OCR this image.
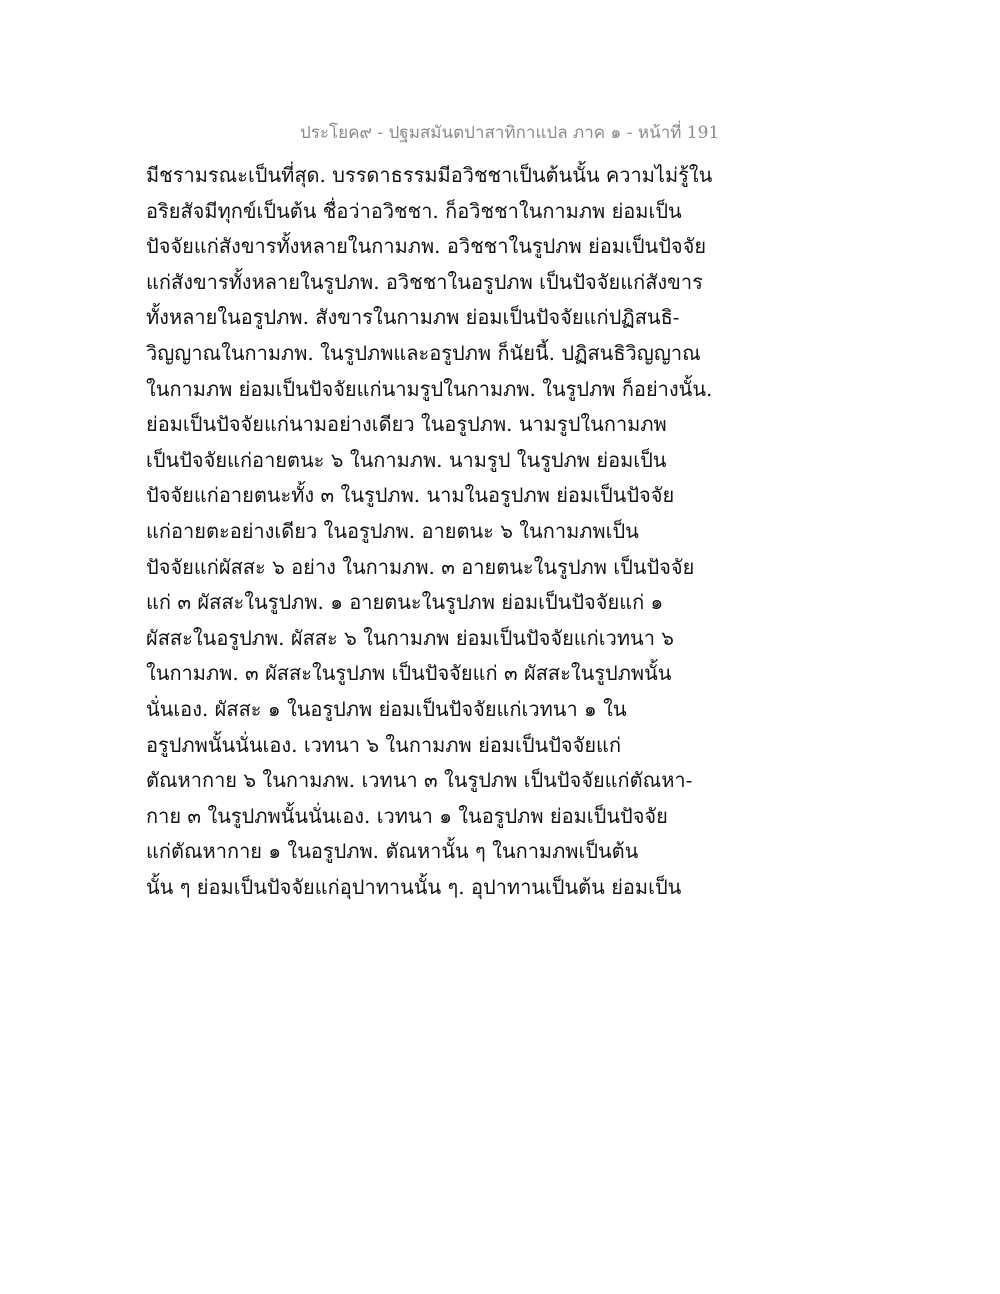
ประโยค๙ - ปฐมสมันตปาสาทิกาแปล ภาค ๑ - หน้าที่ 191
มีชรามรณะเป็นที่สุด. บรรดาธรรมมีอวิชชาเป็นต้นนั้น ความไม่รู้ใน
อริยสัจมีทุกข์เป็นต้น ชื่อว่าอวิชชา. ก็อวิชชาในกามภพ ย่อมเป็น
ปัจจัยแก่สังขารทั้งหลายในกามภพ. อวิชชาในรูปภพ ย่อมเป็นปัจจัย
แก่สังขารทั้งหลายในรูปภพ. อวิชชาในอรูปภพ เป็นปัจจัยแก่สังขาร
ทั้งหลายในอรูปภพ. สังขารในกามภพ ย่อมเป็นปัจจัยแก่ปฏิสนธิ-
วิญญาณในกามภพ. ในรูปภพและอรูปภพ ก็นัยนี้. ปฏิสนธิวิญญาณ
ในกามภพ ย่อมเป็นปัจจัยแก่นามรูปในกามภพ. ในรูปภพ ก็อย่างนั้น.
ย่อมเป็นปัจจัยแก่นามอย่างเดียว ในอรูปภพ. นามรูปในกามภพ
เป็นปัจจัยแก่อายตนะ ๖ ในกามภพ. นามรูป ในรูปภพ ย่อมเป็น
ปัจจัยแก่อายตนะทั้ง ๓ ในรูปภพ. นามในอรูปภพ ย่อมเป็นปัจจัย
แก่อายตะอย่างเดียว ในอรูปภพ. อายตนะ ๖ ในกามภพเป็น
ปัจจัยแก่ผัสสะ ๖ อย่าง ในกามภพ. ๓ อายตนะในรูปภพ เป็นปัจจัย
แก่ ๓ ผัสสะในรูปภพ. ๑ อายตนะในรูปภพ ย่อมเป็นปัจจัยแก่ ๑
ผัสสะในอรูปภพ. ผัสสะ ๖ ในกามภพ ย่อมเป็นปัจจัยแก่เวทนา ๖
ในกามภพ. ๓ ผัสสะในรูปภพ เป็นปัจจัยแก่ ๓ ผัสสะในรูปภพนั้น
นั่นเอง. ผัสสะ ๑ ในอรูปภพ ย่อมเป็นปัจจัยแก่เวทนา ๑ ใน
อรูปภพนั้นนั่นเอง. เวทนา ๖ ในกามภพ ย่อมเป็นปัจจัยแก่
ตัณหากาย ๖ ในกามภพ. เวทนา ๓ ในรูปภพ เป็นปัจจัยแก่ตัณหา-
กาย ๓ ในรูปภพนั้นนั่นเอง. เวทนา ๑ ในอรูปภพ ย่อมเป็นปัจจัย
แก่ตัณหากาย ๑ ในอรูปภพ. ตัณหานั้น ๆ ในกามภพเป็นต้น
นั้น ๆ ย่อมเป็นปัจจัยแก่อุปาทานนั้น ๆ. อุปาทานเป็นต้น ย่อมเป็น
